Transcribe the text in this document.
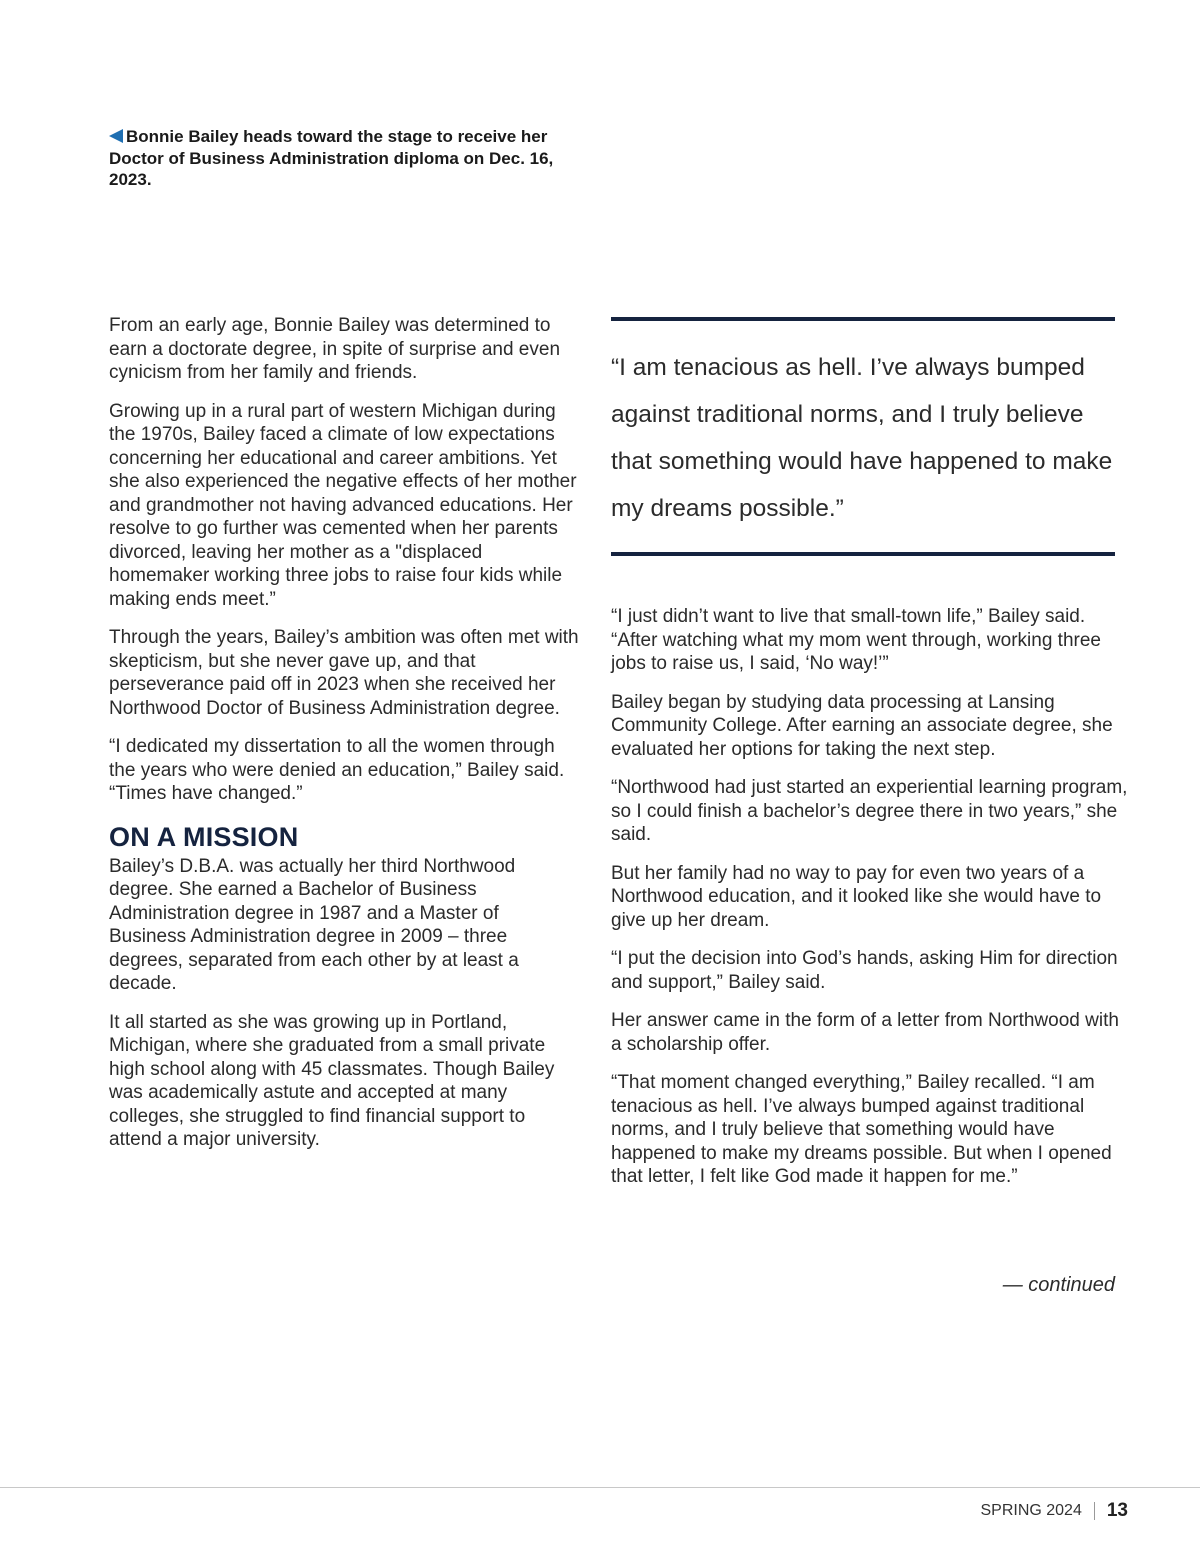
Bonnie Bailey heads toward the stage to receive her Doctor of Business Administration diploma on Dec. 16, 2023.

From an early age, Bonnie Bailey was determined to earn a doctorate degree, in spite of surprise and even cynicism from her family and friends.

Growing up in a rural part of western Michigan during the 1970s, Bailey faced a climate of low expectations concerning her educational and career ambitions. Yet she also experienced the negative effects of her mother and grandmother not having advanced educations. Her resolve to go further was cemented when her parents divorced, leaving her mother as a "displaced homemaker working three jobs to raise four kids while making ends meet.”

Through the years, Bailey’s ambition was often met with skepticism, but she never gave up, and that perseverance paid off in 2023 when she received her Northwood Doctor of Business Administration degree.

“I dedicated my dissertation to all the women through the years who were denied an education,” Bailey said. “Times have changed.”

ON A MISSION

Bailey’s D.B.A. was actually her third Northwood degree. She earned a Bachelor of Business Administration degree in 1987 and a Master of Business Administration degree in 2009 – three degrees, separated from each other by at least a decade.

It all started as she was growing up in Portland, Michigan, where she graduated from a small private high school along with 45 classmates. Though Bailey was academically astute and accepted at many colleges, she struggled to find financial support to attend a major university.

“I am tenacious as hell. I’ve always bumped against traditional norms, and I truly believe that something would have happened to make my dreams possible.”

“I just didn’t want to live that small-town life,” Bailey said. “After watching what my mom went through, working three jobs to raise us, I said, ‘No way!’”

Bailey began by studying data processing at Lansing Community College. After earning an associate degree, she evaluated her options for taking the next step.

“Northwood had just started an experiential learning program, so I could finish a bachelor’s degree there in two years,” she said.

But her family had no way to pay for even two years of a Northwood education, and it looked like she would have to give up her dream.

“I put the decision into God’s hands, asking Him for direction and support,” Bailey said.

Her answer came in the form of a letter from Northwood with a scholarship offer.

“That moment changed everything,” Bailey recalled. “I am tenacious as hell. I’ve always bumped against traditional norms, and I truly believe that something would have happened to make my dreams possible. But when I opened that letter, I felt like God made it happen for me.”

— continued
SPRING 2024 13
